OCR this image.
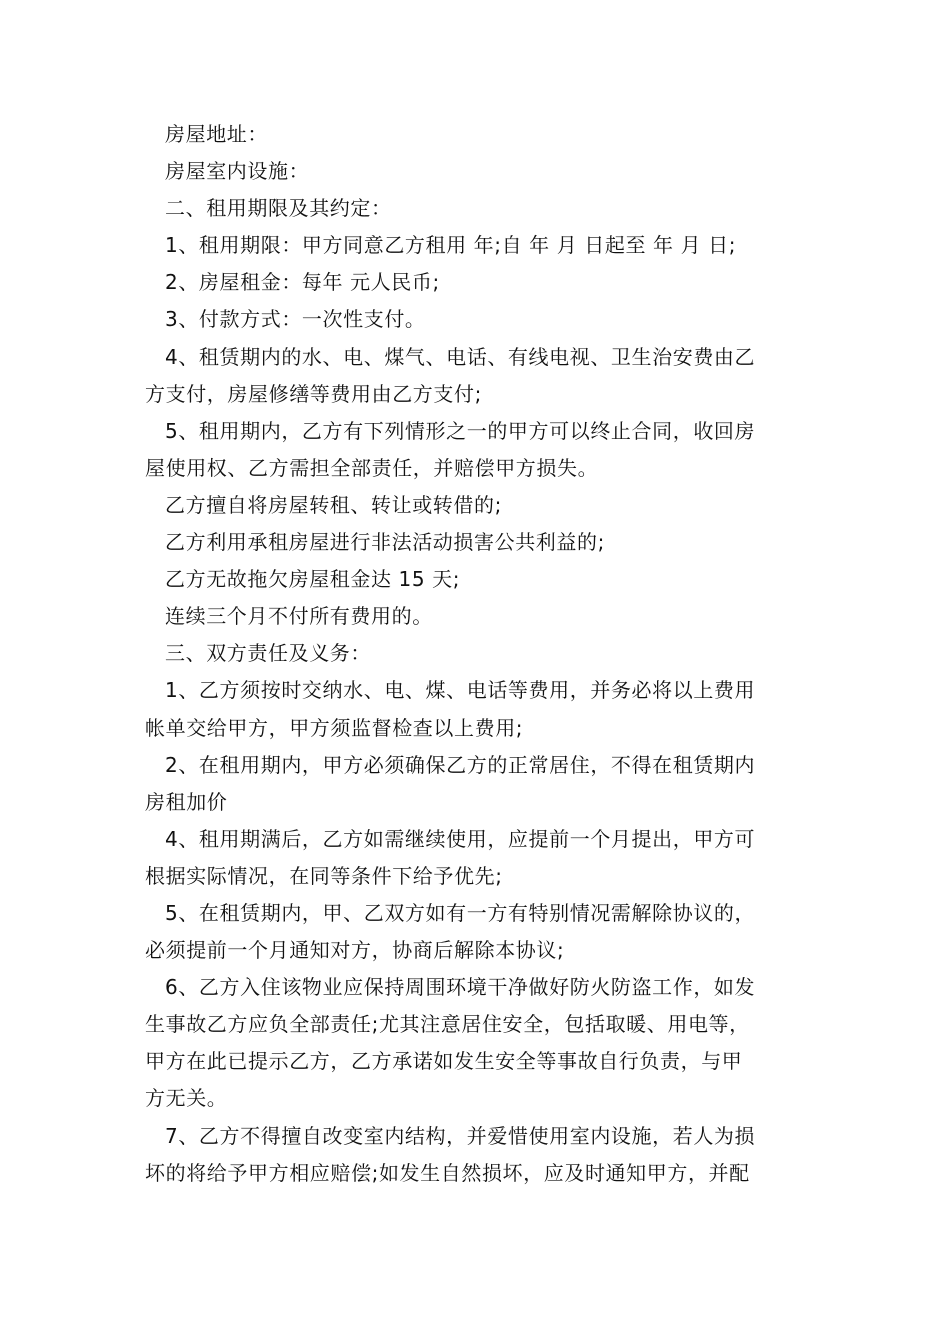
房屋地址：
房屋室内设施：
二、租用期限及其约定：
1、租用期限：甲方同意乙方租用 年;自 年 月 日起至 年 月 日;
2、房屋租金：每年 元人民币;
3、付款方式：一次性支付。
4、租赁期内的水、电、煤气、电话、有线电视、卫生治安费由乙
方支付，房屋修缮等费用由乙方支付;
5、租用期内，乙方有下列情形之一的甲方可以终止合同，收回房
屋使用权、乙方需担全部责任，并赔偿甲方损失。
乙方擅自将房屋转租、转让或转借的;
乙方利用承租房屋进行非法活动损害公共利益的;
乙方无故拖欠房屋租金达 15 天;
连续三个月不付所有费用的。
三、双方责任及义务：
1、乙方须按时交纳水、电、煤、电话等费用，并务必将以上费用
帐单交给甲方，甲方须监督检查以上费用;
2、在租用期内，甲方必须确保乙方的正常居住，不得在租赁期内
房租加价
4、租用期满后，乙方如需继续使用，应提前一个月提出，甲方可
根据实际情况，在同等条件下给予优先;
5、在租赁期内，甲、乙双方如有一方有特别情况需解除协议的，
必须提前一个月通知对方，协商后解除本协议;
6、乙方入住该物业应保持周围环境干净做好防火防盗工作，如发
生事故乙方应负全部责任;尤其注意居住安全，包括取暖、用电等，
甲方在此已提示乙方，乙方承诺如发生安全等事故自行负责，与甲
方无关。
7、乙方不得擅自改变室内结构，并爱惜使用室内设施，若人为损
坏的将给予甲方相应赔偿;如发生自然损坏，应及时通知甲方，并配
